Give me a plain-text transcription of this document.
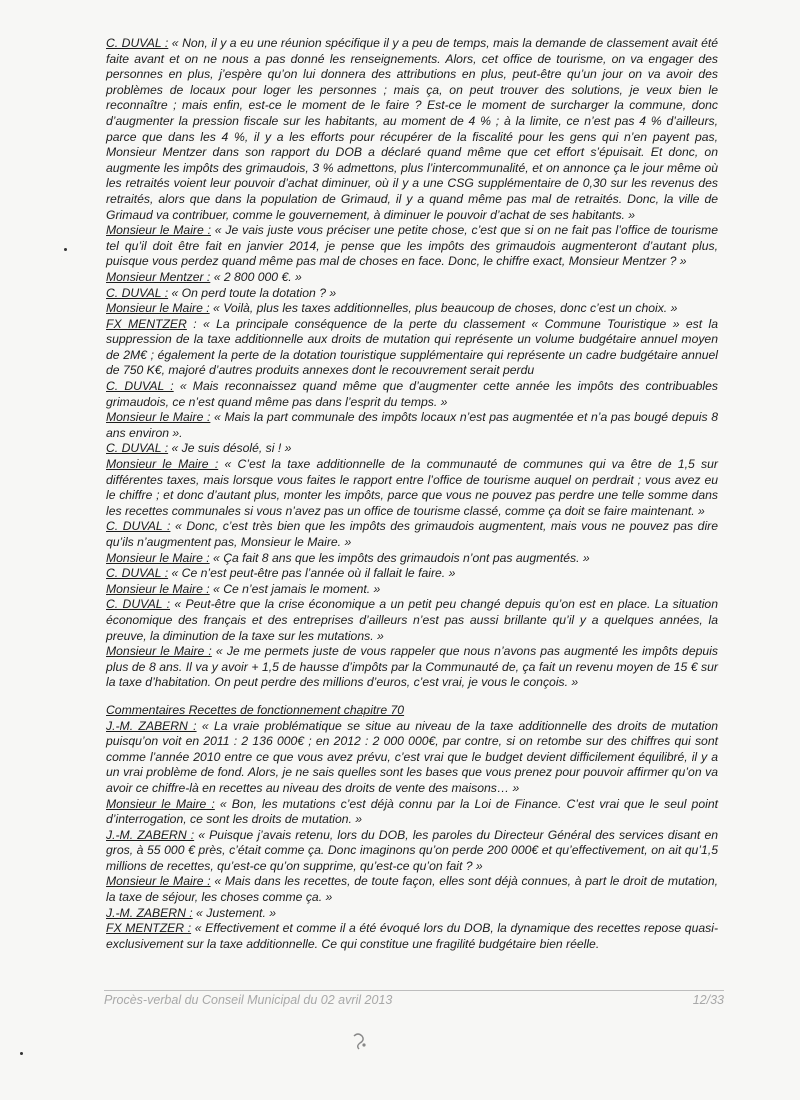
C. DUVAL : « Non, il y a eu une réunion spécifique il y a peu de temps, mais la demande de classement avait été faite avant et on ne nous a pas donné les renseignements. Alors, cet office de tourisme, on va engager des personnes en plus, j’espère qu’on lui donnera des attributions en plus, peut-être qu’un jour on va avoir des problèmes de locaux pour loger les personnes ; mais ça, on peut trouver des solutions, je veux bien le reconnaître ; mais enfin, est-ce le moment de le faire ? Est-ce le moment de surcharger la commune, donc d’augmenter la pression fiscale sur les habitants, au moment de 4 % ; à la limite, ce n’est pas 4 % d’ailleurs, parce que dans les 4 %, il y a les efforts pour récupérer de la fiscalité pour les gens qui n’en payent pas, Monsieur Mentzer dans son rapport du DOB a déclaré quand même que cet effort s’épuisait. Et donc, on augmente les impôts des grimaudois, 3 % admettons, plus l’intercommunalité, et on annonce ça le jour même où les retraités voient leur pouvoir d’achat diminuer, où il y a une CSG supplémentaire de 0,30 sur les revenus des retraités, alors que dans la population de Grimaud, il y a quand même pas mal de retraités. Donc, la ville de Grimaud va contribuer, comme le gouvernement, à diminuer le pouvoir d’achat de ses habitants. »

Monsieur le Maire : « Je vais juste vous préciser une petite chose, c’est que si on ne fait pas l’office de tourisme tel qu’il doit être fait en janvier 2014, je pense que les impôts des grimaudois augmenteront d’autant plus, puisque vous perdez quand même pas mal de choses en face. Donc, le chiffre exact, Monsieur Mentzer ? »

Monsieur Mentzer : « 2 800 000 €. »

C. DUVAL : « On perd toute la dotation ? »

Monsieur le Maire : « Voilà, plus les taxes additionnelles, plus beaucoup de choses, donc c’est un choix. »

FX MENTZER : « La principale conséquence de la perte du classement « Commune Touristique » est la suppression de la taxe additionnelle aux droits de mutation qui représente un volume budgétaire annuel moyen de 2M€ ; également la perte de la dotation touristique supplémentaire qui représente un cadre budgétaire annuel de 750 K€, majoré d’autres produits annexes dont le recouvrement serait perdu

C. DUVAL : « Mais reconnaissez quand même que d’augmenter cette année les impôts des contribuables grimaudois, ce n’est quand même pas dans l’esprit du temps. »

Monsieur le Maire : « Mais la part communale des impôts locaux n’est pas augmentée et n’a pas bougé depuis 8 ans environ ».

C. DUVAL : « Je suis désolé, si ! »

Monsieur le Maire : « C’est la taxe additionnelle de la communauté de communes qui va être de 1,5 sur différentes taxes, mais lorsque vous faites le rapport entre l’office de tourisme auquel on perdrait ; vous avez eu le chiffre ; et donc d’autant plus, monter les impôts, parce que vous ne pouvez pas perdre une telle somme dans les recettes communales si vous n’avez pas un office de tourisme classé, comme ça doit se faire maintenant. »

C. DUVAL : « Donc, c’est très bien que les impôts des grimaudois augmentent, mais vous ne pouvez pas dire qu’ils n’augmentent pas, Monsieur le Maire. »

Monsieur le Maire : « Ça fait 8 ans que les impôts des grimaudois n’ont pas augmentés. »

C. DUVAL : « Ce n’est peut-être pas l’année où il fallait le faire. »

Monsieur le Maire : « Ce n’est jamais le moment. »

C. DUVAL : « Peut-être que la crise économique a un petit peu changé depuis qu’on est en place. La situation économique des français et des entreprises d’ailleurs n’est pas aussi brillante qu’il y a quelques années, la preuve, la diminution de la taxe sur les mutations. »

Monsieur le Maire : « Je me permets juste de vous rappeler que nous n’avons pas augmenté les impôts depuis plus de 8 ans. Il va y avoir + 1,5 de hausse d’impôts par la Communauté de, ça fait un revenu moyen de 15 € sur la taxe d’habitation. On peut perdre des millions d’euros, c’est vrai, je vous le conçois. »

Commentaires Recettes de fonctionnement chapitre 70

J.-M. ZABERN : « La vraie problématique se situe au niveau de la taxe additionnelle des droits de mutation puisqu’on voit en 2011 : 2 136 000€ ; en 2012 : 2 000 000€, par contre, si on retombe sur des chiffres qui sont comme l’année 2010 entre ce que vous avez prévu, c’est vrai que le budget devient difficilement équilibré, il y a un vrai problème de fond. Alors, je ne sais quelles sont les bases que vous prenez pour pouvoir affirmer qu’on va avoir ce chiffre-là en recettes au niveau des droits de vente des maisons… »

Monsieur le Maire : « Bon, les mutations c’est déjà connu par la Loi de Finance. C’est vrai que le seul point d’interrogation, ce sont les droits de mutation. »

J.-M. ZABERN : « Puisque j’avais retenu, lors du DOB, les paroles du Directeur Général des services disant en gros, à 55 000 € près, c’était comme ça. Donc imaginons qu’on perde 200 000€ et qu’effectivement, on ait qu’1,5 millions de recettes, qu’est-ce qu’on supprime, qu’est-ce qu’on fait ? »

Monsieur le Maire : « Mais dans les recettes, de toute façon, elles sont déjà connues, à part le droit de mutation, la taxe de séjour, les choses comme ça. »

J.-M. ZABERN : « Justement. »

FX MENTZER : « Effectivement et comme il a été évoqué lors du DOB, la dynamique des recettes repose quasi-exclusivement sur la taxe additionnelle. Ce qui constitue une fragilité budgétaire bien réelle.

Procès-verbal du Conseil Municipal du 02 avril 2013	12/33
